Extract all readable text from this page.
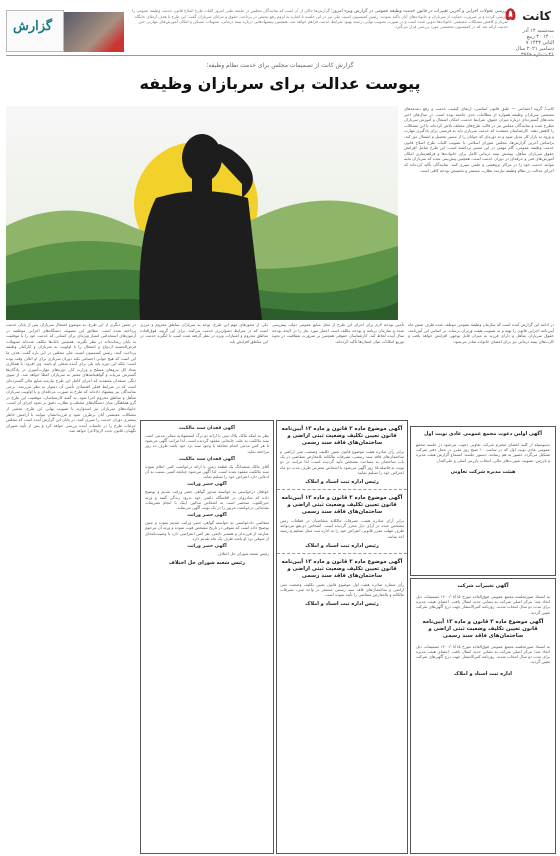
گزارش
بررسی تحولات اجرایی و آخرین تغییرات در قانون خدمت وظیفه عمومی در گزارش ویژه امروز: گزارش‌ها حاکی از آن است که نمایندگان مجلس در جلسه علنی امروز کلیات طرح اصلاح قانون خدمت وظیفه عمومی را بررسی کردند و بر ضرورت حمایت از سربازان و خانواده‌های آنان تأکید نمودند. رئیس کمیسیون امنیت ملی نیز در این جلسه با اشاره به لزوم رفع تبعیض در پرداخت حقوق و مزایای سربازان گفت: این طرح با هدف ارتقای جایگاه سرباز و کاهش مشکلات معیشتی خانواده‌ها تدوین شده است و در صورت تصویب نهایی، زمینه بهبود شرایط خدمت فراهم خواهد شد. همچنین پیشنهادهایی درباره بیمه درمانی، تسهیلات مسکن و امکان آموزش‌های مهارتی حین خدمت ارائه شد که در کمیسیون تخصصی مورد بررسی قرار می‌گیرد.
۵ کانت
سه‌شنبه ۱۴ آذر ۱۴۰۰ ۳۰ ربیع الثانی ۱۴۴۳ ۷ دسامبر ۲۰۲۱ سال
گزارش کانت از تصمیمات مجلس برای خدمت نظام وظیفه؛
پیوست عدالت برای سربازان وظیفه
کانت/ گروه اجتماعی — طبق قانون اساسی، ارتقای کیفیت خدمت و رفع دغدغه‌های معیشتی سربازان وظیفه همواره از مطالبات جدی جامعه بوده است. در سال‌های اخیر بحث‌های گسترده‌ای درباره میزان حقوق، شرایط خدمت، امکان اشتغال و آموزش سربازان مطرح شده و نمایندگان مجلس نیز در قالب طرح‌های مختلف تلاش کرده‌اند تا این مشکلات را کاهش دهند. کارشناسان معتقدند که خدمت سربازی باید به فرصتی برای یادگیری مهارت و ورود به بازار کار تبدیل شود و نه دوره‌ای که جوانان را از مسیر تحصیل و اشتغال دور کند. براساس آخرین گزارش‌ها، مجلس شورای اسلامی با تصویب کلیات طرح اصلاح قانون خدمت وظیفه عمومی، گام مهمی در این مسیر برداشته است. این طرح شامل افزایش حقوق سربازان متأهل، پوشش بیمه درمانی کامل برای خانواده‌ها و فراهم‌سازی امکان آموزش‌های فنی و حرفه‌ای در دوران خدمت است. همچنین پیش‌بینی شده که سربازان نخبه بتوانند خدمت خود را در مراکز پژوهشی و علمی سپری کنند. نمایندگان تأکید کرده‌اند که اجرای عدالت در نظام وظیفه نیازمند نظارت مستمر و تخصیص بودجه کافی است.
در ادامه این گزارش آمده است که سازمان وظیفه عمومی موظف شده ظرف شش ماه آیین‌نامه اجرایی قانون را تهیه و به تصویب هیئت وزیران برساند. بر اساس این آیین‌نامه، حقوق سربازان متأهل و دارای فرزند به میزان قابل توجهی افزایش خواهد یافت و کارت‌های بیمه درمانی نیز برای اعضای خانواده صادر می‌شود.
تأمین بودجه لازم برای اجرای این طرح از محل منابع عمومی دولت پیش‌بینی شده و سازمان برنامه و بودجه مکلف است اعتبار مورد نیاز را در لایحه بودجه سال آینده لحاظ کند. کارشناسان حقوقی همچنین بر ضرورت شفافیت در نحوه توزیع امکانات میان استان‌ها تأکید کرده‌اند.
یکی از محورهای مهم این طرح، توجه به سربازان مناطق محروم و مرزی است که در شرایط دشوارتری خدمت می‌کنند. برای این گروه، فوق‌العاده مناطق محروم و امتیازات ویژه در نظر گرفته شده است تا انگیزه خدمت در این مناطق افزایش یابد.
در بخش دیگری از این طرح، به موضوع اشتغال سربازان پس از پایان خدمت پرداخته شده است. مطابق این مصوبه، دستگاه‌های اجرایی موظفند در آزمون‌های استخدامی امتیاز ویژه‌ای برای کسانی که خدمت خود را با موفقیت به پایان رسانده‌اند در نظر بگیرند. همچنین بانک‌ها مکلف شده‌اند تسهیلات قرض‌الحسنه ازدواج و اشتغال را با اولویت به سربازان و کارکنان وظیفه پرداخت کنند. رئیس کمیسیون امنیت ملی مجلس در این باره گفت: هدف ما این است که هیچ جوانی احساس نکند دوران سربازی برای او اتلاف وقت بوده است؛ بلکه این دوره باید پلی برای آینده شغلی او باشد. وی افزود: با همکاری ستاد کل نیروهای مسلح و وزارت کار، دوره‌های مهارت‌آموزی در پادگان‌ها گسترش می‌یابد و گواهینامه‌های معتبر به سربازان اعطا خواهد شد. از سوی دیگر، منتقدان معتقدند که اجرای کامل این طرح نیازمند منابع مالی گسترده‌ای است که در شرایط فعلی اقتصادی تأمین آن دشوار به نظر می‌رسد. برخی نمایندگان نیز پیشنهاد داده‌اند که طرح به صورت مرحله‌ای و با اولویت سربازان متأهل و مناطق محروم اجرا شود. به گفته کارشناسان، موفقیت این طرح در گرو هماهنگی میان دستگاه‌های مختلف و نظارت دقیق بر نحوه اجرای آن است. خانواده‌های سربازان نیز امیدوارند با تصویب نهایی این طرح، بخشی از مشکلات معیشتی آنان برطرف شود و فرزندانشان بتوانند با آرامش خاطر بیشتری دوران خدمت را سپری کنند. در پایان این گزارش آمده است که مجلس جزئیات طرح را در جلسات آینده بررسی خواهد کرد و پس از تأیید شورای نگهبان، قانون جدید لازم‌الاجرا خواهد شد.
آگهی اولین دعوت مجمع عمومی عادی نوبت اول
بدینوسیله از کلیه اعضای محترم شرکت تعاونی دعوت می‌شود در جلسه مجمع عمومی عادی نوبت اول که در ساعت ۱۰ صبح روز مقرر در محل دفتر شرکت تشکیل می‌گردد حضور به هم رسانند. دستور جلسه: استماع گزارش هیئت مدیره و بازرس، تصویب صورت‌های مالی، انتخاب بازرس اصلی و علی‌البدل.
هیئت مدیره شرکت تعاونی
آگهی تغییرات شرکت
به استناد صورتجلسه مجمع عمومی فوق‌العاده مورخ ۱۴۰۰/۰۸/۱۵ تصمیمات ذیل اتخاذ شد: مرکز اصلی شرکت به نشانی جدید انتقال یافت. اعضای هیئت مدیره برای مدت دو سال انتخاب شدند. روزنامه کثیرالانتشار جهت درج آگهی‌های شرکت تعیین گردید.
آگهی موضوع ماده ۳ قانون و ماده ۱۳ آیین‌نامه قانون تعیین تکلیف وضعیت ثبتی اراضی و ساختمان‌های فاقد سند رسمی
به استناد صورتجلسه مجمع عمومی فوق‌العاده مورخ ۱۴۰۰/۰۸/۱۵ تصمیمات ذیل اتخاذ شد: مرکز اصلی شرکت به نشانی جدید انتقال یافت. اعضای هیئت مدیره برای مدت دو سال انتخاب شدند. روزنامه کثیرالانتشار جهت درج آگهی‌های شرکت تعیین گردید.
اداره ثبت اسناد و املاک
آگهی موضوع ماده ۳ قانون و ماده ۱۳ آیین‌نامه قانون تعیین تکلیف وضعیت ثبتی اراضی و ساختمان‌های فاقد سند رسمی
برابر رأی صادره هیئت موضوع قانون تعیین تکلیف وضعیت ثبتی اراضی و ساختمان‌های فاقد سند رسمی، تصرفات مالکانه بلامعارض متقاضی در یک باب ساختمان به مساحت مشخص تأیید گردیده است. لذا مراتب در دو نوبت به فاصله ۱۵ روز آگهی می‌شود تا اشخاص معترض ظرف مدت دو ماه اعتراض خود را تسلیم نمایند.
رئیس اداره ثبت اسناد و املاک
آگهی موضوع ماده ۳ قانون و ماده ۱۳ آیین‌نامه قانون تعیین تکلیف وضعیت ثبتی اراضی و ساختمان‌های فاقد سند رسمی
برابر آرای صادره هیئت، تصرفات مالکانه متقاضیان در قطعات زمین مشخص شده در آرای ذیل محرز گردیده است. اشخاص ذی‌نفع می‌توانند ظرف مهلت مقرر قانونی اعتراض خود را به اداره ثبت محل تسلیم و رسید اخذ نمایند.
رئیس اداره ثبت اسناد و املاک
آگهی موضوع ماده ۳ قانون و ماده ۱۳ آیین‌نامه قانون تعیین تکلیف وضعیت ثبتی اراضی و ساختمان‌های فاقد سند رسمی
رأی شماره صادره هیئت اول موضوع قانون تعیین تکلیف وضعیت ثبتی اراضی و ساختمان‌های فاقد سند رسمی مستقر در واحد ثبتی، تصرفات مالکانه و بلامعارض متقاضی را تأیید نموده است.
رئیس اداره ثبت اسناد و املاک
آگهی فقدان سند مالکیت
نظر به اینکه مالک پلاک ثبتی با ارائه دو برگ استشهادیه محلی مدعی است سند مالکیت به علت جابجایی مفقود گردیده است، لذا مراتب آگهی می‌شود تا هر کس مدعی انجام معامله یا وجود سند نزد خود باشد ظرف ده روز مراجعه نماید.
آگهی فقدان سند مالکیت
آقای مالک ششدانگ یک قطعه زمین با ارائه درخواست کتبی اعلام نموده سند مالکیت مفقود شده است. لذا آگهی می‌شود چنانچه کسی نسبت به آن ادعایی دارد اعتراض خود را تسلیم نماید.
آگهی حصر وراثت
خواهان درخواستی به خواسته صدور گواهی حصر وراثت تقدیم و توضیح داده که شادروان در اقامتگاه دائمی خود بدرود زندگی گفته و ورثه حین‌الفوت منحصر است به اشخاص مذکور. اینک با انجام تشریفات مقدماتی درخواست مزبور را در یک نوبت آگهی می‌نماید.
آگهی حصر وراثت
متقاضی دادخواستی به خواسته گواهی حصر وراثت تقدیم نموده و چنین توضیح داده است که متوفی در تاریخ مشخص فوت نموده و ورثه آن مرحوم عبارتند از فرزندان و همسر دائمی. هر کس اعتراضی دارد یا وصیت‌نامه‌ای از متوفی نزد او باشد ظرف یک ماه تقدیم دارد.
آگهی حصر وراثت
رئیس شعبه شورای حل اختلاف
رئیس شعبه شورای حل اختلاف
